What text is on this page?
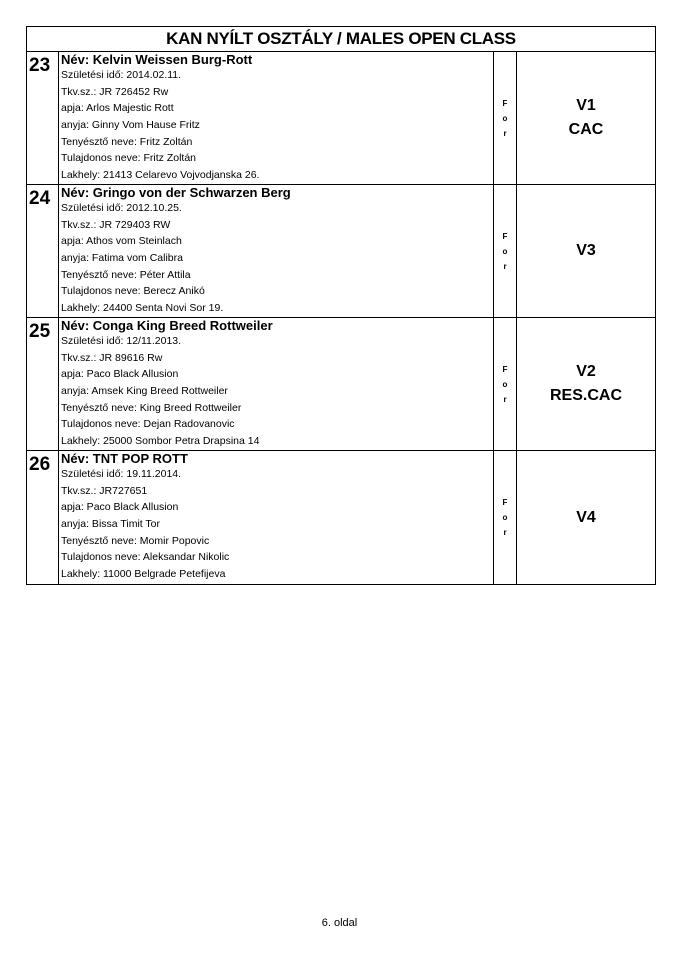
KAN NYÍLT OSZTÁLY / MALES OPEN CLASS
23 Név: Kelvin Weissen Burg-Rott
Születési idő: 2014.02.11.
Tkv.sz.: JR 726452 Rw
apja: Arlos Majestic Rott
anyja: Ginny Vom Hause Fritz
Tenyésztő neve: Fritz Zoltán
Tulajdonos neve: Fritz Zoltán
Lakhely: 21413 Celarevo Vojvodjanska 26.
F
o
r
V1
CAC
24 Név: Gringo von der Schwarzen Berg
Születési idő: 2012.10.25.
Tkv.sz.: JR 729403 RW
apja: Athos vom Steinlach
anyja: Fatima vom Calibra
Tenyésztő neve: Péter Attila
Tulajdonos neve: Berecz Anikó
Lakhely: 24400 Senta Novi Sor 19.
F
o
r
V3
25 Név: Conga King Breed Rottweiler
Születési idő: 12/11.2013.
Tkv.sz.: JR 89616 Rw
apja: Paco Black Allusion
anyja: Amsek King Breed Rottweiler
Tenyésztő neve: King Breed Rottweiler
Tulajdonos neve: Dejan Radovanovic
Lakhely: 25000 Sombor Petra Drapsina 14
F
o
r
V2
RES.CAC
26 Név: TNT POP ROTT
Születési idő: 19.11.2014.
Tkv.sz.: JR727651
apja: Paco Black Allusion
anyja: Bissa Timit Tor
Tenyésztő neve: Momir Popovic
Tulajdonos neve: Aleksandar Nikolic
Lakhely: 11000 Belgrade Petefijeva
F
o
r
V4
6. oldal
